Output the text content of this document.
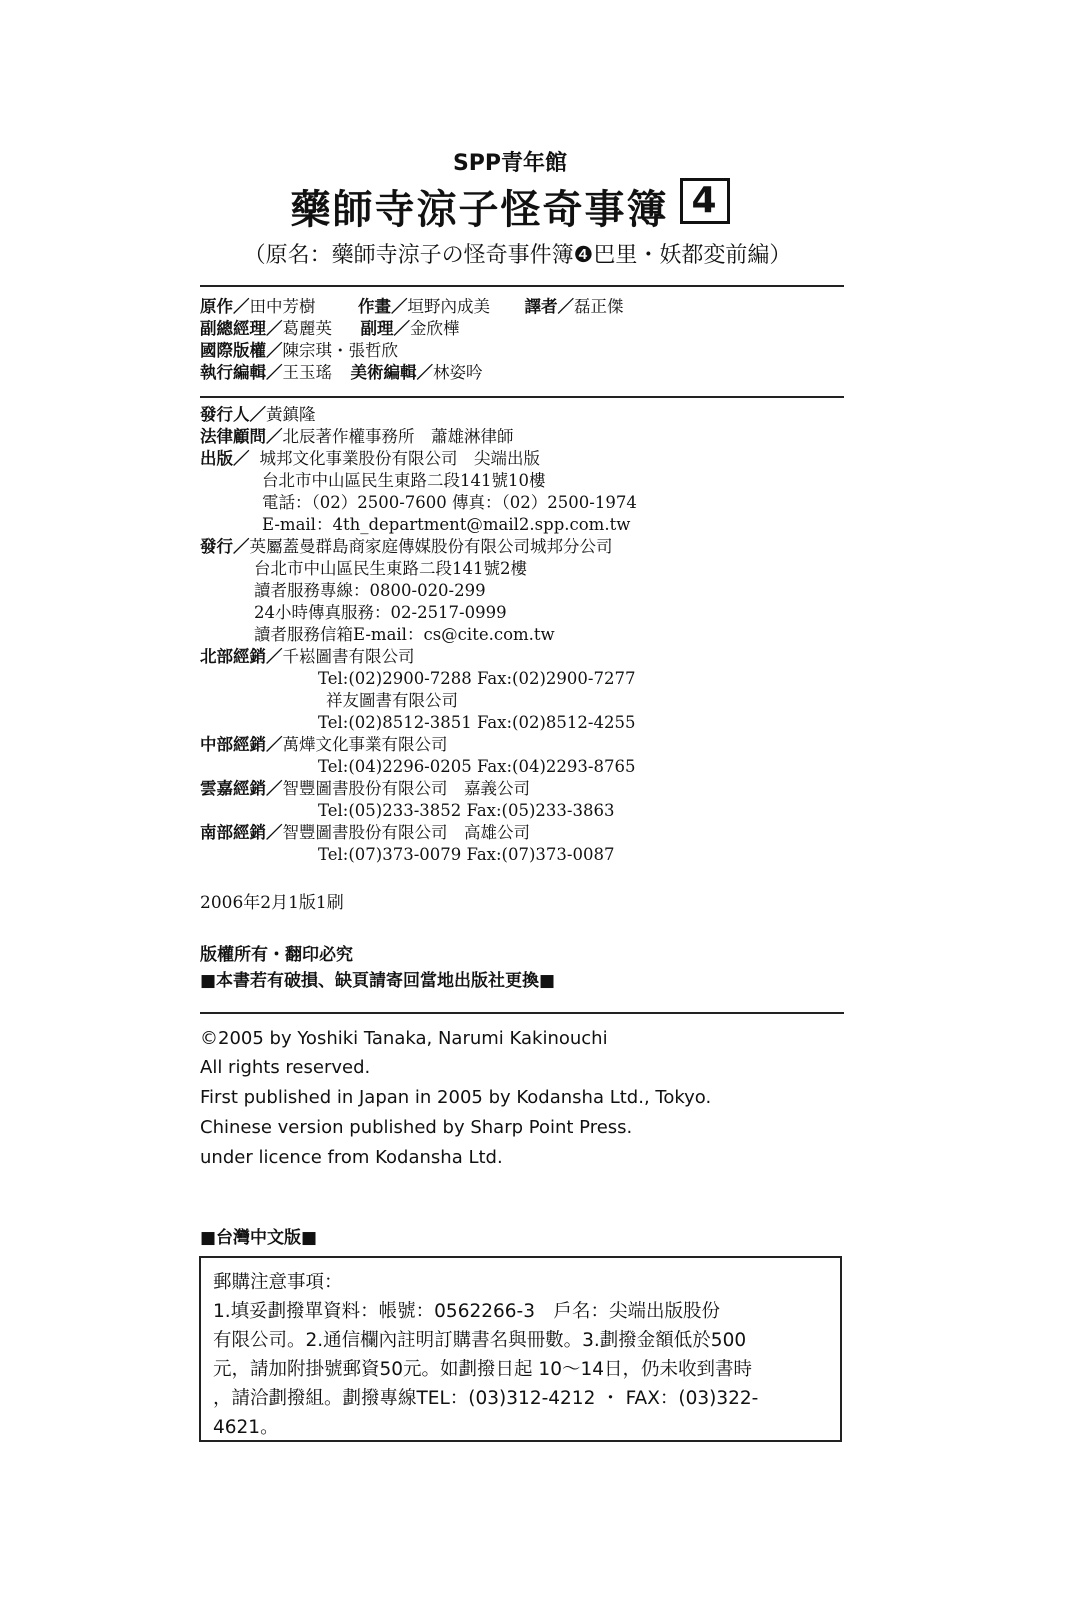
SPP青年館
藥師寺涼子怪奇事簿 4
（原名：藥師寺涼子の怪奇事件簿❹巴里・妖都変前編）
原作／田中芳樹	作畫／垣野內成美 譯者／磊正傑
副總經理／葛麗英 副理／金欣樺
國際版權／陳宗琪・張哲欣
執行編輯／王玉瑤 美術編輯／林姿吟
發行人／黃鎮隆
法律顧問／北辰著作權事務所　蕭雄淋律師
出版／ 城邦文化事業股份有限公司　尖端出版
台北市中山區民生東路二段141號10樓
電話：（02）2500-7600 傳真：（02）2500-1974
E-mail：4th_department@mail2.spp.com.tw
發行／英屬蓋曼群島商家庭傳媒股份有限公司城邦分公司
台北市中山區民生東路二段141號2樓
讀者服務專線：0800-020-299
24小時傳真服務：02-2517-0999
讀者服務信箱E-mail：cs@cite.com.tw
北部經銷／千崧圖書有限公司
Tel:(02)2900-7288 Fax:(02)2900-7277
祥友圖書有限公司
Tel:(02)8512-3851 Fax:(02)8512-4255
中部經銷／萬燁文化事業有限公司
Tel:(04)2296-0205 Fax:(04)2293-8765
雲嘉經銷／智豐圖書股份有限公司　嘉義公司
Tel:(05)233-3852 Fax:(05)233-3863
南部經銷／智豐圖書股份有限公司　高雄公司
Tel:(07)373-0079 Fax:(07)373-0087
2006年2月1版1刷
版權所有・翻印必究
■本書若有破損、缺頁請寄回當地出版社更換■
©2005 by Yoshiki Tanaka, Narumi Kakinouchi
All rights reserved.
First published in Japan in 2005 by Kodansha Ltd., Tokyo.
Chinese version published by Sharp Point Press.
under licence from Kodansha Ltd.
■台灣中文版■
郵購注意事項：
1.填妥劃撥單資料：帳號：0562266-3　戶名：尖端出版股份
有限公司。2.通信欄內註明訂購書名與冊數。3.劃撥金額低於500
元，請加附掛號郵資50元。如劃撥日起 10～14日，仍未收到書時
，請洽劃撥組。劃撥專線TEL：(03)312-4212 ・ FAX：(03)322-
4621。
